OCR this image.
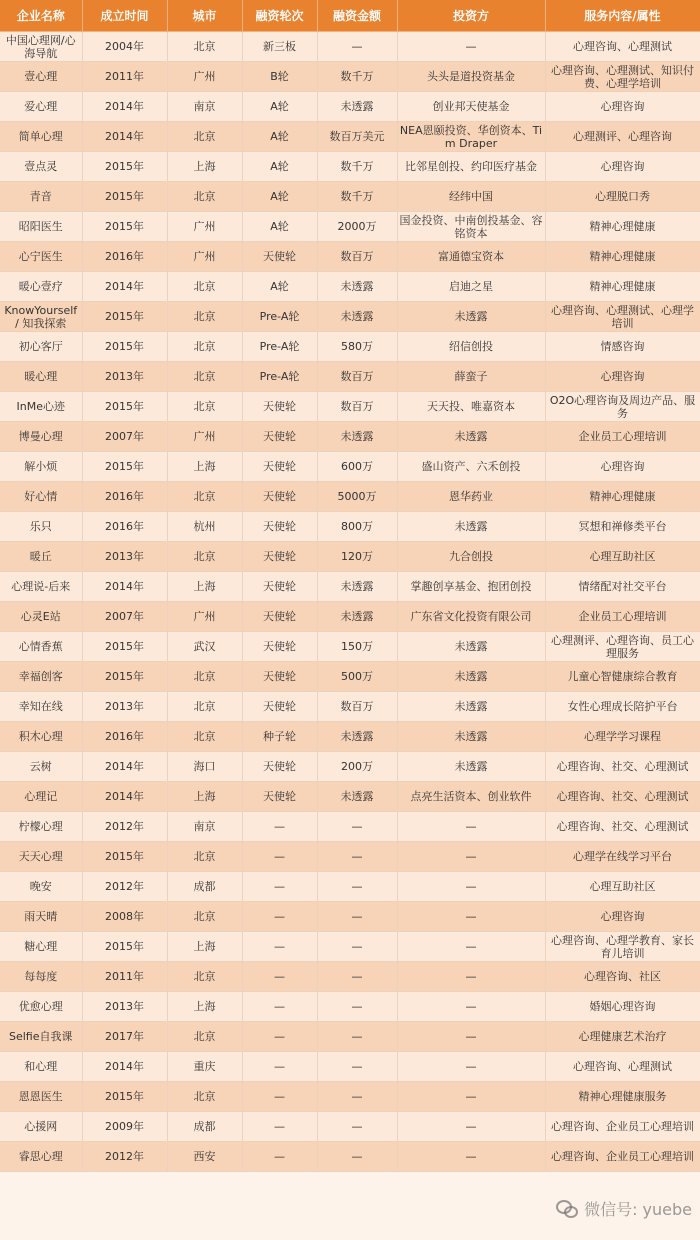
企业名称	成立时间	城市	融资轮次	融资金额	投资方	服务内容/属性
中国心理网/心海导航	2004年	北京	新三板	—	—	心理咨询、心理测试
壹心理	2011年	广州	B轮	数千万	头头是道投资基金	心理咨询、心理测试、知识付费、心理学培训
爱心理	2014年	南京	A轮	未透露	创业邦天使基金	心理咨询
简单心理	2014年	北京	A轮	数百万美元	NEA恩颐投资、华创资本、Tim Draper	心理测评、心理咨询
壹点灵	2015年	上海	A轮	数千万	比邻星创投、约印医疗基金	心理咨询
青音	2015年	北京	A轮	数千万	经纬中国	心理脱口秀
昭阳医生	2015年	广州	A轮	2000万	国金投资、中南创投基金、容铭资本	精神心理健康
心宁医生	2016年	广州	天使轮	数百万	富通德宝资本	精神心理健康
暖心壹疗	2014年	北京	A轮	未透露	启迪之星	精神心理健康
KnowYourself / 知我探索	2015年	北京	Pre-A轮	未透露	未透露	心理咨询、心理测试、心理学培训
初心客厅	2015年	北京	Pre-A轮	580万	绍信创投	情感咨询
暖心理	2013年	北京	Pre-A轮	数百万	薛蛮子	心理咨询
InMe心迹	2015年	北京	天使轮	数百万	天天投、唯嘉资本	O2O心理咨询及周边产品、服务
博曼心理	2007年	广州	天使轮	未透露	未透露	企业员工心理培训
解小烦	2015年	上海	天使轮	600万	盛山资产、六禾创投	心理咨询
好心情	2016年	北京	天使轮	5000万	恩华药业	精神心理健康
乐只	2016年	杭州	天使轮	800万	未透露	冥想和禅修类平台
暖丘	2013年	北京	天使轮	120万	九合创投	心理互助社区
心理说-后来	2014年	上海	天使轮	未透露	掌趣创享基金、抱团创投	情绪配对社交平台
心灵E站	2007年	广州	天使轮	未透露	广东省文化投资有限公司	企业员工心理培训
心情香蕉	2015年	武汉	天使轮	150万	未透露	心理测评、心理咨询、员工心理服务
幸福创客	2015年	北京	天使轮	500万	未透露	儿童心智健康综合教育
幸知在线	2013年	北京	天使轮	数百万	未透露	女性心理成长陪护平台
积木心理	2016年	北京	种子轮	未透露	未透露	心理学学习课程
云树	2014年	海口	天使轮	200万	未透露	心理咨询、社交、心理测试
心理记	2014年	上海	天使轮	未透露	点亮生活资本、创业软件	心理咨询、社交、心理测试
柠檬心理	2012年	南京	—	—	—	心理咨询、社交、心理测试
天天心理	2015年	北京	—	—	—	心理学在线学习平台
晚安	2012年	成都	—	—	—	心理互助社区
雨天晴	2008年	北京	—	—	—	心理咨询
糖心理	2015年	上海	—	—	—	心理咨询、心理学教育、家长育儿培训
每每度	2011年	北京	—	—	—	心理咨询、社区
优愈心理	2013年	上海	—	—	—	婚姻心理咨询
Selfie自我课	2017年	北京	—	—	—	心理健康艺术治疗
和心理	2014年	重庆	—	—	—	心理咨询、心理测试
恩恩医生	2015年	北京	—	—	—	精神心理健康服务
心援网	2009年	成都	—	—	—	心理咨询、企业员工心理培训
睿思心理	2012年	西安	—	—	—	心理咨询、企业员工心理培训
微信号: yuebe
